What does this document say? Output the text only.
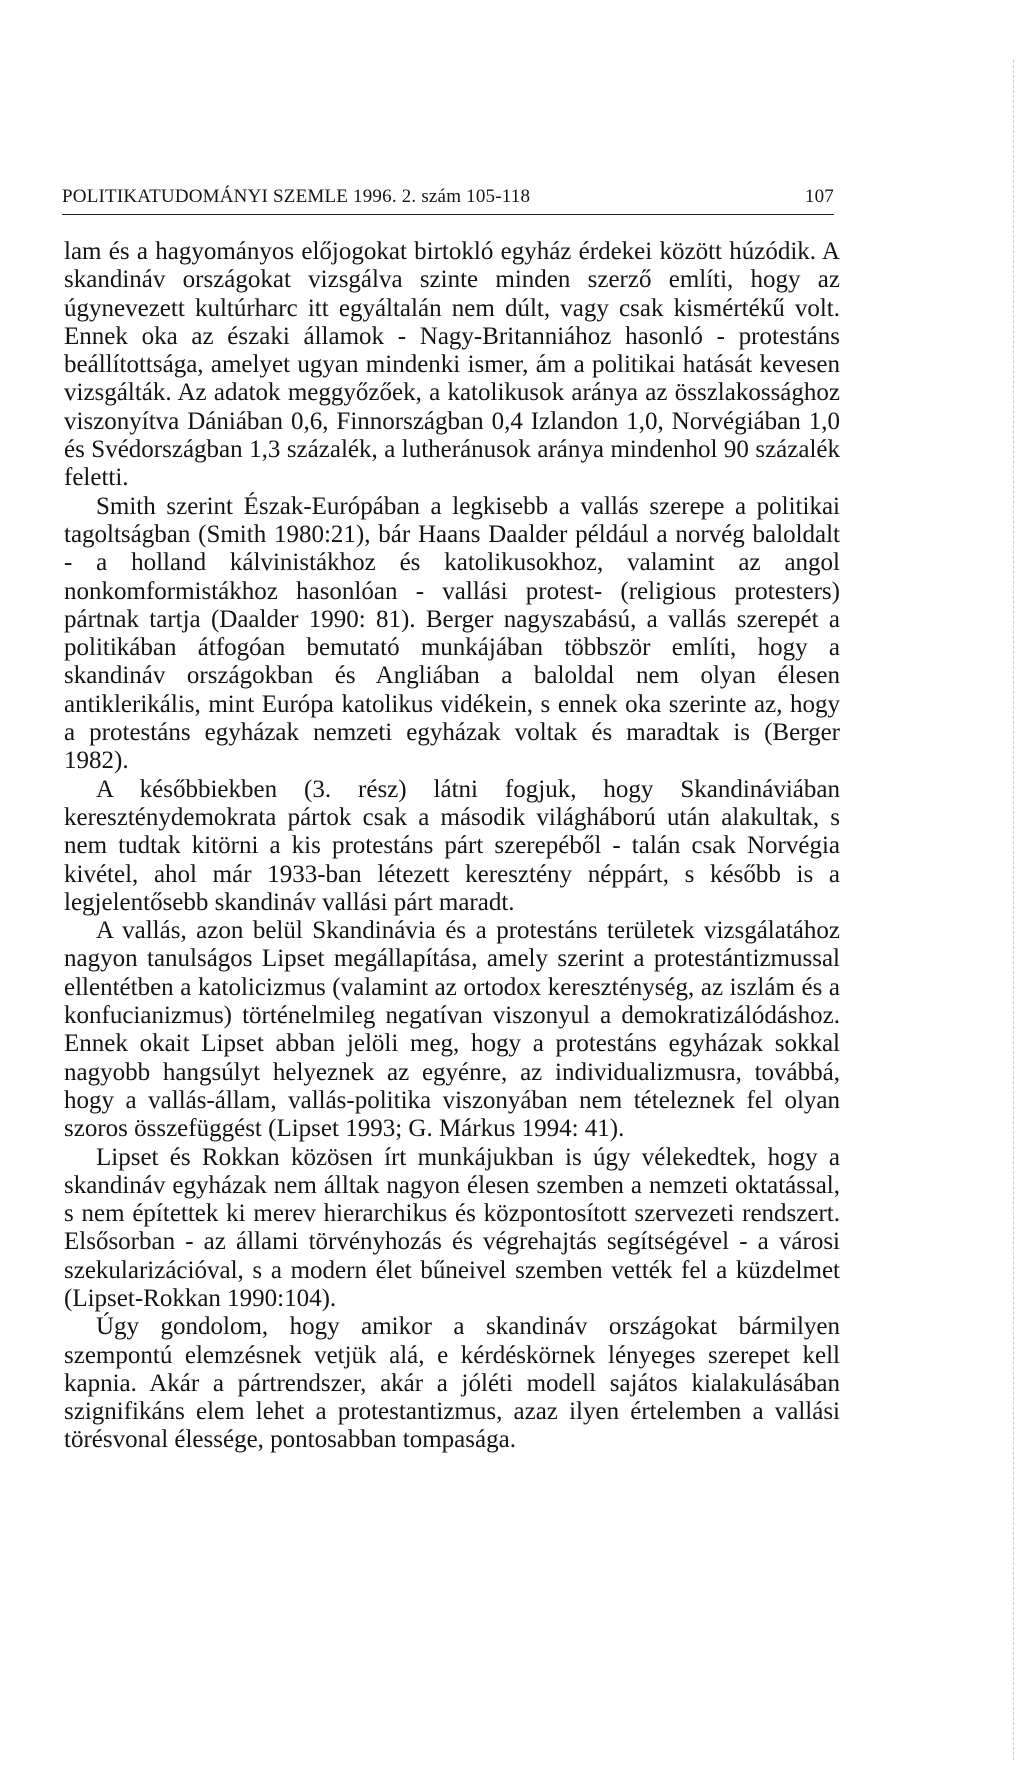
POLITIKATUDOMÁNYI SZEMLE 1996. 2. szám 105-118	107

lam és a hagyományos előjogokat birtokló egyház érdekei között húzódik. A skandináv országokat vizsgálva szinte minden szerző említi, hogy az úgynevezett kultúrharc itt egyáltalán nem dúlt, vagy csak kismértékű volt. Ennek oka az északi államok - Nagy-Britanniához hasonló - protestáns beállítottsága, amelyet ugyan mindenki ismer, ám a politikai hatását kevesen vizsgálták. Az adatok meggyőzőek, a katolikusok aránya az összlakossághoz viszonyítva Dániában 0,6, Finnországban 0,4 Izlandon 1,0, Norvégiában 1,0 és Svédországban 1,3 százalék, a lutheránusok aránya mindenhol 90 százalék feletti.

Smith szerint Észak-Európában a legkisebb a vallás szerepe a politikai tagoltságban (Smith 1980:21), bár Haans Daalder például a norvég baloldalt - a holland kálvinistákhoz és katolikusokhoz, valamint az angol nonkomformistákhoz hasonlóan - vallási protest- (religious protesters) pártnak tartja (Daalder 1990: 81). Berger nagyszabású, a vallás szerepét a politikában átfogóan bemutató munkájában többször említi, hogy a skandináv országokban és Angliában a baloldal nem olyan élesen antiklerikális, mint Európa katolikus vidékein, s ennek oka szerinte az, hogy a protestáns egyházak nemzeti egyházak voltak és maradtak is (Berger 1982).

A későbbiekben (3. rész) látni fogjuk, hogy Skandináviában kereszténydemokrata pártok csak a második világháború után alakultak, s nem tudtak kitörni a kis protestáns párt szerepéből - talán csak Norvégia kivétel, ahol már 1933-ban létezett keresztény néppárt, s később is a legjelentősebb skandináv vallási párt maradt.

A vallás, azon belül Skandinávia és a protestáns területek vizsgálatához nagyon tanulságos Lipset megállapítása, amely szerint a protestántizmussal ellentétben a katolicizmus (valamint az ortodox kereszténység, az iszlám és a konfucianizmus) történelmileg negatívan viszonyul a demokratizálódáshoz. Ennek okait Lipset abban jelöli meg, hogy a protestáns egyházak sokkal nagyobb hangsúlyt helyeznek az egyénre, az individualizmusra, továbbá, hogy a vallás-állam, vallás-politika viszonyában nem tételeznek fel olyan szoros összefüggést (Lipset 1993; G. Márkus 1994: 41).

Lipset és Rokkan közösen írt munkájukban is úgy vélekedtek, hogy a skandináv egyházak nem álltak nagyon élesen szemben a nemzeti oktatással, s nem építettek ki merev hierarchikus és központosított szervezeti rendszert. Elsősorban - az állami törvényhozás és végrehajtás segítségével - a városi szekularizációval, s a modern élet bűneivel szemben vették fel a küzdelmet (Lipset-Rokkan 1990:104).

Úgy gondolom, hogy amikor a skandináv országokat bármilyen szempontú elemzésnek vetjük alá, e kérdéskörnek lényeges szerepet kell kapnia. Akár a pártrendszer, akár a jóléti modell sajátos kialakulásában szignifikáns elem lehet a protestantizmus, azaz ilyen értelemben a vallási törésvonal élessége, pontosabban tompasága.
